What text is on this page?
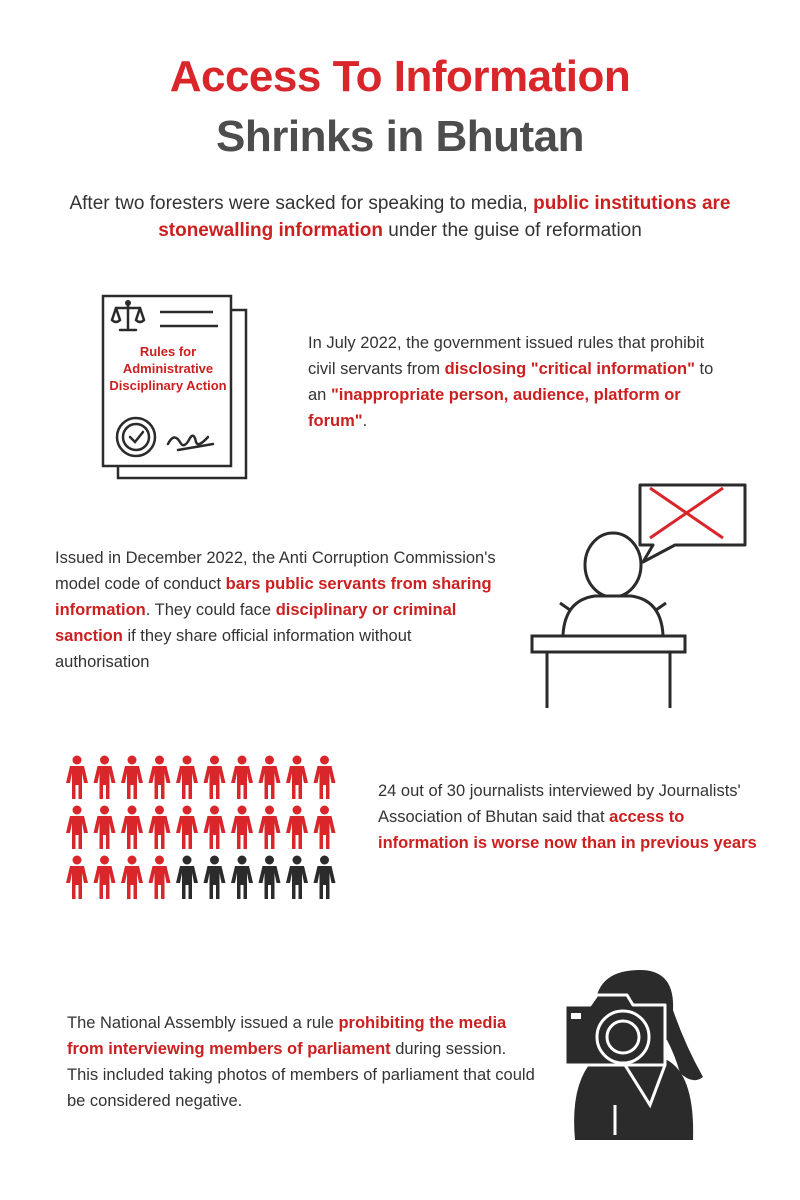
Access To Information
Shrinks in Bhutan
After two foresters were sacked for speaking to media, public institutions are stonewalling information under the guise of reformation
Rules for Administrative Disciplinary Action
In July 2022, the government issued rules that prohibit civil servants from disclosing "critical information" to an "inappropriate person, audience, platform or forum".
Issued in December 2022, the Anti Corruption Commission's model code of conduct bars public servants from sharing information. They could face disciplinary or criminal sanction if they share official information without authorisation
24 out of 30 journalists interviewed by Journalists' Association of Bhutan said that access to information is worse now than in previous years
The National Assembly issued a rule prohibiting the media from interviewing members of parliament during session. This included taking photos of members of parliament that could be considered negative.
